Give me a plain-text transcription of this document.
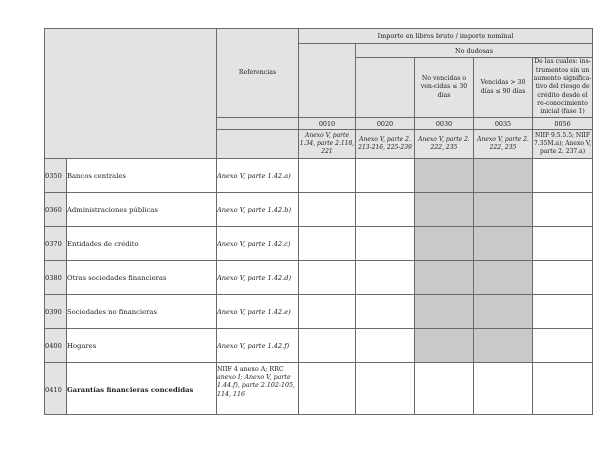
		Referencias	Importe en libros bruto / importe nominal				
				No dudosas			
					No vencidas o ven-cidas ≤ 30 días	Vencidas > 30 días ≤ 90 días	De las cuales: ins-trumentos sin un aumento significa-tivo del riesgo de crédito desde el re-conocimiento inicial (fase 1)
			0010	0020	0030	0035	0056
			Anexo V, parte 1.34, parte 2.118, 221	Anexo V, parte 2. 213-216, 225-239	Anexo V, parte 2. 222, 235	Anexo V, parte 2. 222, 235	NIIF 9.5.5.5; NIIF 7.35M.a); Anexo V, parte 2. 237.a)
0350	Bancos centrales	Anexo V, parte 1.42.a)					
0360	Administraciones públicas	Anexo V, parte 1.42.b)					
0370	Entidades de crédito	Anexo V, parte 1.42.c)					
0380	Otras sociedades financieras	Anexo V, parte 1.42.d)					
0390	Sociedades no financieras	Anexo V, parte 1.42.e)					
0400	Hogares	Anexo V, parte 1.42.f)					
0410	Garantías financieras concedidas	NIIF 4 anexo A; RRC anexo I; Anexo V, parte 1.44.f), parte 2.102-105, 114, 116					
